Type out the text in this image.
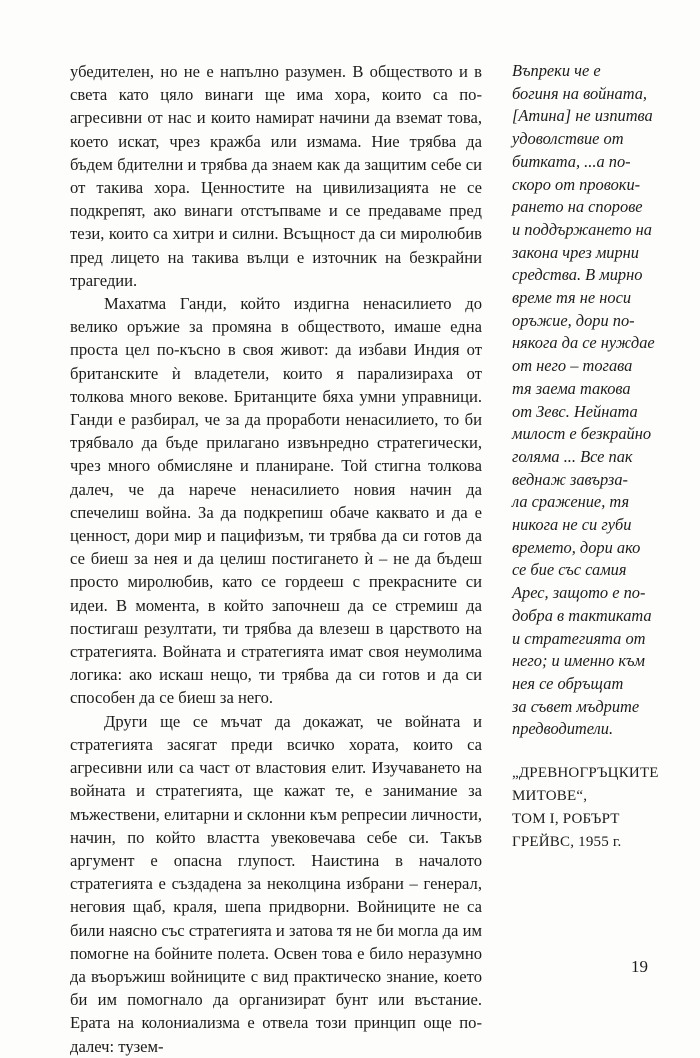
убедителен, но не е напълно разумен. В обществото и в света като цяло винаги ще има хора, които са по-агресивни от нас и които намират начини да вземат това, което искат, чрез кражба или измама. Ние трябва да бъдем бдителни и трябва да знаем как да защитим себе си от такива хора. Ценностите на цивилизацията не се подкрепят, ако винаги отстъпваме и се предаваме пред тези, които са хитри и силни. Всъщност да си миролюбив пред лицето на такива вълци е източник на безкрайни трагедии.

Махатма Ганди, който издигна ненасилието до велико оръжие за промяна в обществото, имаше една проста цел по-късно в своя живот: да избави Индия от британските ѝ владетели, които я парализираха от толкова много векове. Британците бяха умни управници. Ганди е разбирал, че за да проработи ненасилието, то би трябвало да бъде прилагано извънредно стратегически, чрез много обмисляне и планиране. Той стигна толкова далеч, че да нарече ненасилието новия начин да спечелиш война. За да подкрепиш обаче каквато и да е ценност, дори мир и пацифизъм, ти трябва да си готов да се биеш за нея и да целиш постигането ѝ – не да бъдеш просто миролюбив, като се гордееш с прекрасните си идеи. В момента, в който започнеш да се стремиш да постигаш резултати, ти трябва да влезеш в царството на стратегията. Войната и стратегията имат своя неумолима логика: ако искаш нещо, ти трябва да си готов и да си способен да се биеш за него.

Други ще се мъчат да докажат, че войната и стратегията засягат преди всичко хората, които са агресивни или са част от властовия елит. Изучаването на войната и стратегията, ще кажат те, е занимание за мъжествени, елитарни и склонни към репресии личности, начин, по който властта увековечава себе си. Такъв аргумент е опасна глупост. Наистина в началото стратегията е създадена за неколцина избрани – генерал, неговия щаб, краля, шепа придворни. Войниците не са били наясно със стратегията и затова тя не би могла да им помогне на бойните полета. Освен това е било неразумно да въоръжиш войниците с вид практическо знание, което би им помогнало да организират бунт или въстание. Ерата на колониализма е отвела този принцип още по-далеч: тузем-

Въпреки че е
богиня на войната,
[Атина] не изпитва
удоволствие от
битката, ...а по-
скоро от провоки-
рането на спорове
и поддържането на
закона чрез мирни
средства. В мирно
време тя не носи
оръжие, дори по-
някога да се нуждае
от него – тогава
тя заема такова
от Зевс. Нейната
милост е безкрайно
голяма ... Все пак
веднаж завърза-
ла сражение, тя
никога не си губи
времето, дори ако
се бие със самия
Арес, защото е по-
добра в тактиката
и стратегията от
него; и именно към
нея се обръщат
за съвет мъдрите
предводители.
„ДРЕВНОГРЪЦКИТЕ
МИТОВЕ“,
ТОМ I, РОБЪРТ
ГРЕЙВС, 1955 г.
19
